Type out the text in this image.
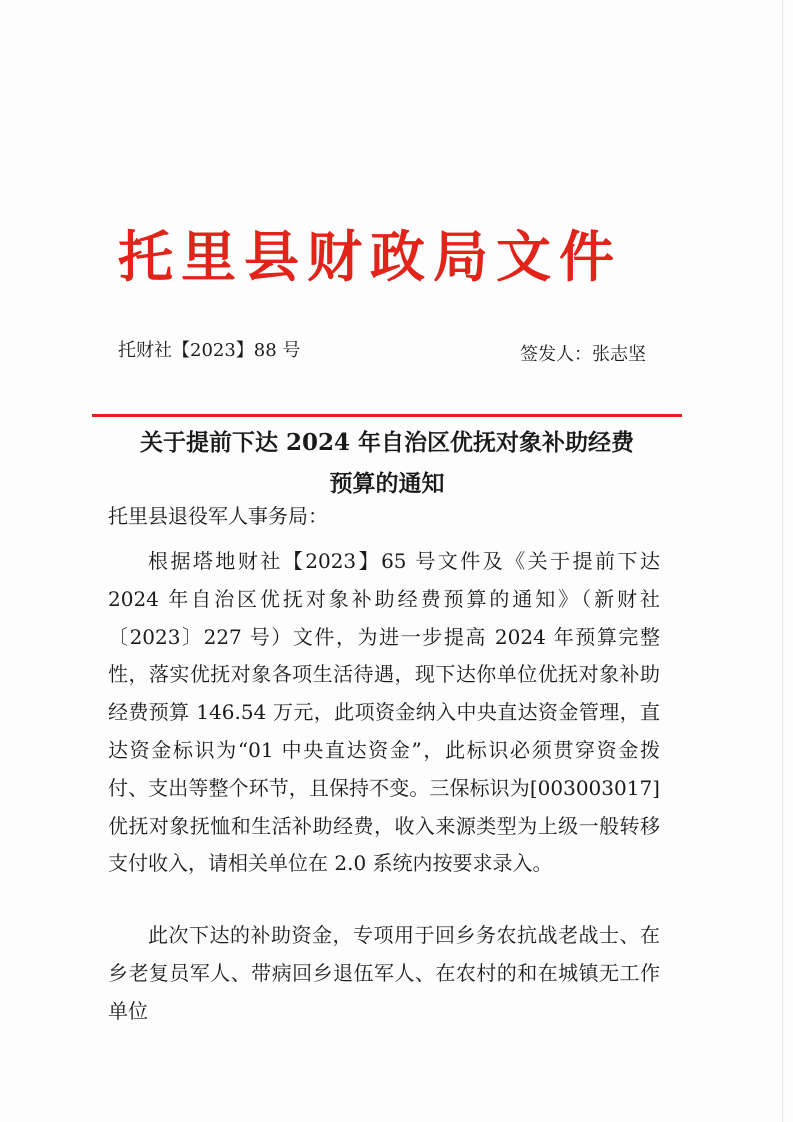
托里县财政局文件
托财社【2023】88 号	签发人：张志坚
关于提前下达 2024 年自治区优抚对象补助经费
预算的通知
托里县退役军人事务局：

根据塔地财社【2023】65 号文件及《关于提前下达 2024 年自治区优抚对象补助经费预算的通知》（新财社〔2023〕227 号）文件，为进一步提高 2024 年预算完整性，落实优抚对象各项生活待遇，现下达你单位优抚对象补助经费预算 146.54 万元，此项资金纳入中央直达资金管理，直达资金标识为“01 中央直达资金”，此标识必须贯穿资金拨付、支出等整个环节，且保持不变。三保标识为[003003017]优抚对象抚恤和生活补助经费，收入来源类型为上级一般转移支付收入，请相关单位在 2.0 系统内按要求录入。

此次下达的补助资金，专项用于回乡务农抗战老战士、在乡老复员军人、带病回乡退伍军人、在农村的和在城镇无工作单位
